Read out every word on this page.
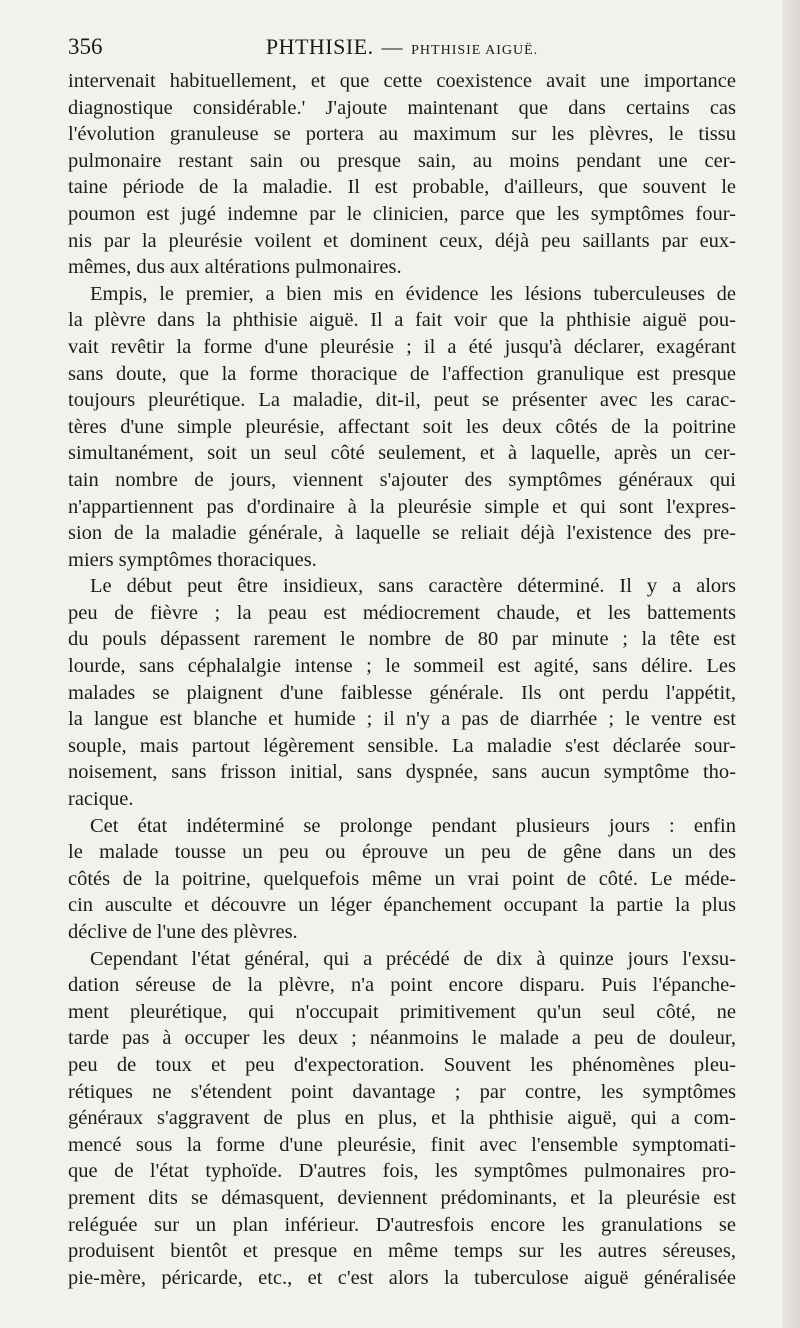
356	PHTHISIE. — PHTHISIE AIGUË.
intervenait habituellement, et que cette coexistence avait une importance
diagnostique considérable.' J'ajoute maintenant que dans certains cas
l'évolution granuleuse se portera au maximum sur les plèvres, le tissu
pulmonaire restant sain ou presque sain, au moins pendant une cer-
taine période de la maladie. Il est probable, d'ailleurs, que souvent le
poumon est jugé indemne par le clinicien, parce que les symptômes four-
nis par la pleurésie voilent et dominent ceux, déjà peu saillants par eux-
mêmes, dus aux altérations pulmonaires.
Empis, le premier, a bien mis en évidence les lésions tuberculeuses de
la plèvre dans la phthisie aiguë. Il a fait voir que la phthisie aiguë pou-
vait revêtir la forme d'une pleurésie ; il a été jusqu'à déclarer, exagérant
sans doute, que la forme thoracique de l'affection granulique est presque
toujours pleurétique. La maladie, dit-il, peut se présenter avec les carac-
tères d'une simple pleurésie, affectant soit les deux côtés de la poitrine
simultanément, soit un seul côté seulement, et à laquelle, après un cer-
tain nombre de jours, viennent s'ajouter des symptômes généraux qui
n'appartiennent pas d'ordinaire à la pleurésie simple et qui sont l'expres-
sion de la maladie générale, à laquelle se reliait déjà l'existence des pre-
miers symptômes thoraciques.
Le début peut être insidieux, sans caractère déterminé. Il y a alors
peu de fièvre ; la peau est médiocrement chaude, et les battements
du pouls dépassent rarement le nombre de 80 par minute ; la tête est
lourde, sans céphalalgie intense ; le sommeil est agité, sans délire. Les
malades se plaignent d'une faiblesse générale. Ils ont perdu l'appétit,
la langue est blanche et humide ; il n'y a pas de diarrhée ; le ventre est
souple, mais partout légèrement sensible. La maladie s'est déclarée sour-
noisement, sans frisson initial, sans dyspnée, sans aucun symptôme tho-
racique.
Cet état indéterminé se prolonge pendant plusieurs jours : enfin
le malade tousse un peu ou éprouve un peu de gêne dans un des
côtés de la poitrine, quelquefois même un vrai point de côté. Le méde-
cin ausculte et découvre un léger épanchement occupant la partie la plus
déclive de l'une des plèvres.
Cependant l'état général, qui a précédé de dix à quinze jours l'exsu-
dation séreuse de la plèvre, n'a point encore disparu. Puis l'épanche-
ment pleurétique, qui n'occupait primitivement qu'un seul côté, ne
tarde pas à occuper les deux ; néanmoins le malade a peu de douleur,
peu de toux et peu d'expectoration. Souvent les phénomènes pleu-
rétiques ne s'étendent point davantage ; par contre, les symptômes
généraux s'aggravent de plus en plus, et la phthisie aiguë, qui a com-
mencé sous la forme d'une pleurésie, finit avec l'ensemble symptomati-
que de l'état typhoïde. D'autres fois, les symptômes pulmonaires pro-
prement dits se démasquent, deviennent prédominants, et la pleurésie est
reléguée sur un plan inférieur. D'autresfois encore les granulations se
produisent bientôt et presque en même temps sur les autres séreuses,
pie-mère, péricarde, etc., et c'est alors la tuberculose aiguë généralisée
